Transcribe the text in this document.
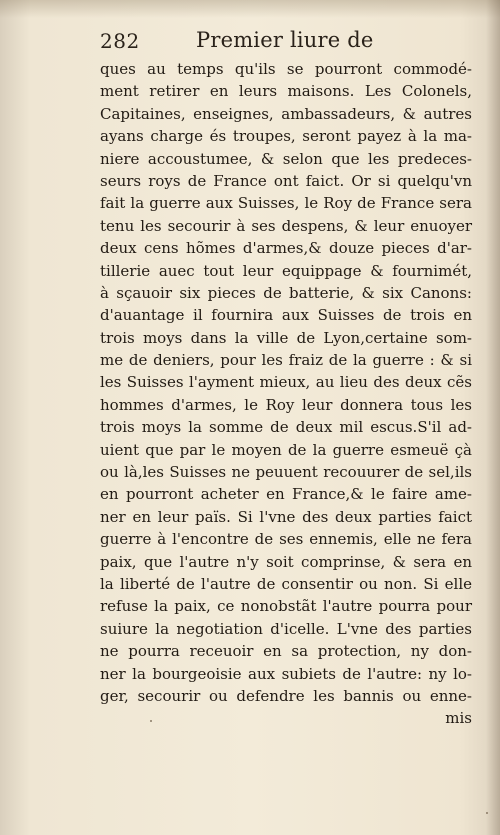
282	Premier liure de
ques au temps qu'ils se pourront commodé-
ment retirer en leurs maisons. Les Colonels,
Capitaines, enseignes, ambassadeurs, & autres
ayans charge és troupes, seront payez à la ma-
niere accoustumee, & selon que les predeces-
seurs roys de France ont faict. Or si quelqu'vn
fait la guerre aux Suisses, le Roy de France sera
tenu les secourir à ses despens, & leur enuoyer
deux cens hõmes d'armes,& douze pieces d'ar-
tillerie auec tout leur equippage & fournimét,
à sçauoir six pieces de batterie, & six Canons:
d'auantage il fournira aux Suisses de trois en
trois moys dans la ville de Lyon,certaine som-
me de deniers, pour les fraiz de la guerre : & si
les Suisses l'ayment mieux, au lieu des deux cẽs
hommes d'armes, le Roy leur donnera tous les
trois moys la somme de deux mil escus.S'il ad-
uient que par le moyen de la guerre esmeuë çà
ou là,les Suisses ne peuuent recouurer de sel,ils
en pourront acheter en France,& le faire ame-
ner en leur païs. Si l'vne des deux parties faict
guerre à l'encontre de ses ennemis, elle ne fera
paix, que l'autre n'y soit comprinse, & sera en
la liberté de l'autre de consentir ou non. Si elle
refuse la paix, ce nonobstãt l'autre pourra pour
suiure la negotiation d'icelle. L'vne des parties
ne pourra receuoir en sa protection, ny don-
ner la bourgeoisie aux subiets de l'autre: ny lo-
ger, secourir ou defendre les bannis ou enne-
mis
